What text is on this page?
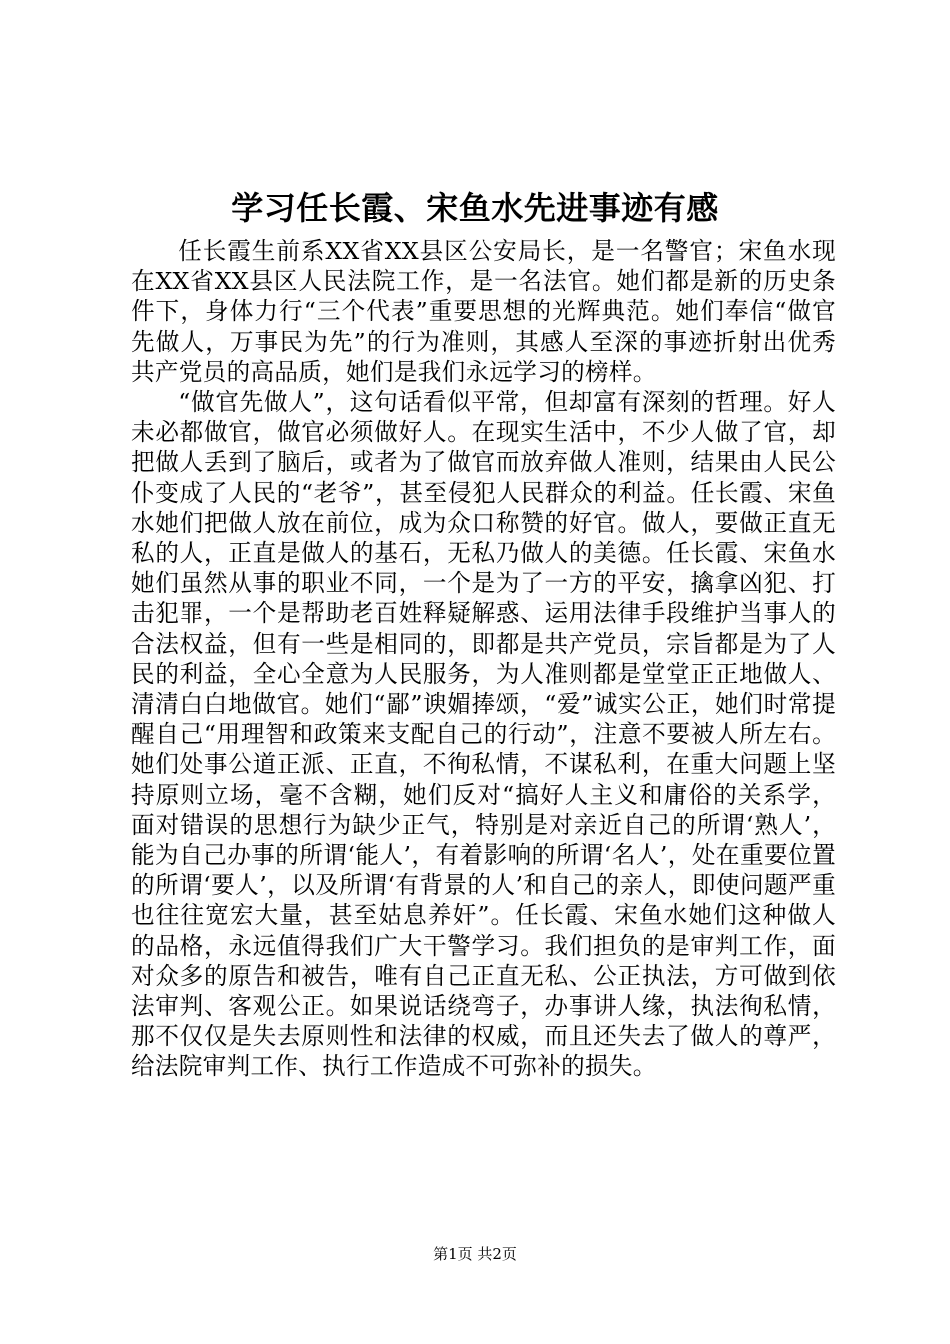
学习任长霞、宋鱼水先进事迹有感

任长霞生前系XX省XX县区公安局长，是一名警官；宋鱼水现在XX省XX县区人民法院工作，是一名法官。她们都是新的历史条件下，身体力行“三个代表”重要思想的光辉典范。她们奉信“做官先做人，万事民为先”的行为准则，其感人至深的事迹折射出优秀共产党员的高品质，她们是我们永远学习的榜样。

“做官先做人”，这句话看似平常，但却富有深刻的哲理。好人未必都做官，做官必须做好人。在现实生活中，不少人做了官，却把做人丢到了脑后，或者为了做官而放弃做人准则，结果由人民公仆变成了人民的“老爷”，甚至侵犯人民群众的利益。任长霞、宋鱼水她们把做人放在前位，成为众口称赞的好官。做人，要做正直无私的人，正直是做人的基石，无私乃做人的美德。任长霞、宋鱼水她们虽然从事的职业不同，一个是为了一方的平安，擒拿凶犯、打击犯罪，一个是帮助老百姓释疑解惑、运用法律手段维护当事人的合法权益，但有一些是相同的，即都是共产党员，宗旨都是为了人民的利益，全心全意为人民服务，为人准则都是堂堂正正地做人、清清白白地做官。她们“鄙”谀媚捧颂，“爱”诚实公正，她们时常提醒自己“用理智和政策来支配自己的行动”，注意不要被人所左右。她们处事公道正派、正直，不徇私情，不谋私利，在重大问题上坚持原则立场，毫不含糊，她们反对“搞好人主义和庸俗的关系学，面对错误的思想行为缺少正气，特别是对亲近自己的所谓‘熟人’，能为自己办事的所谓‘能人’，有着影响的所谓‘名人’，处在重要位置的所谓‘要人’，以及所谓‘有背景的人’和自己的亲人，即使问题严重也往往宽宏大量，甚至姑息养奸”。任长霞、宋鱼水她们这种做人的品格，永远值得我们广大干警学习。我们担负的是审判工作，面对众多的原告和被告，唯有自己正直无私、公正执法，方可做到依法审判、客观公正。如果说话绕弯子，办事讲人缘，执法徇私情，那不仅仅是失去原则性和法律的权威，而且还失去了做人的尊严，给法院审判工作、执行工作造成不可弥补的损失。

第1页 共2页
